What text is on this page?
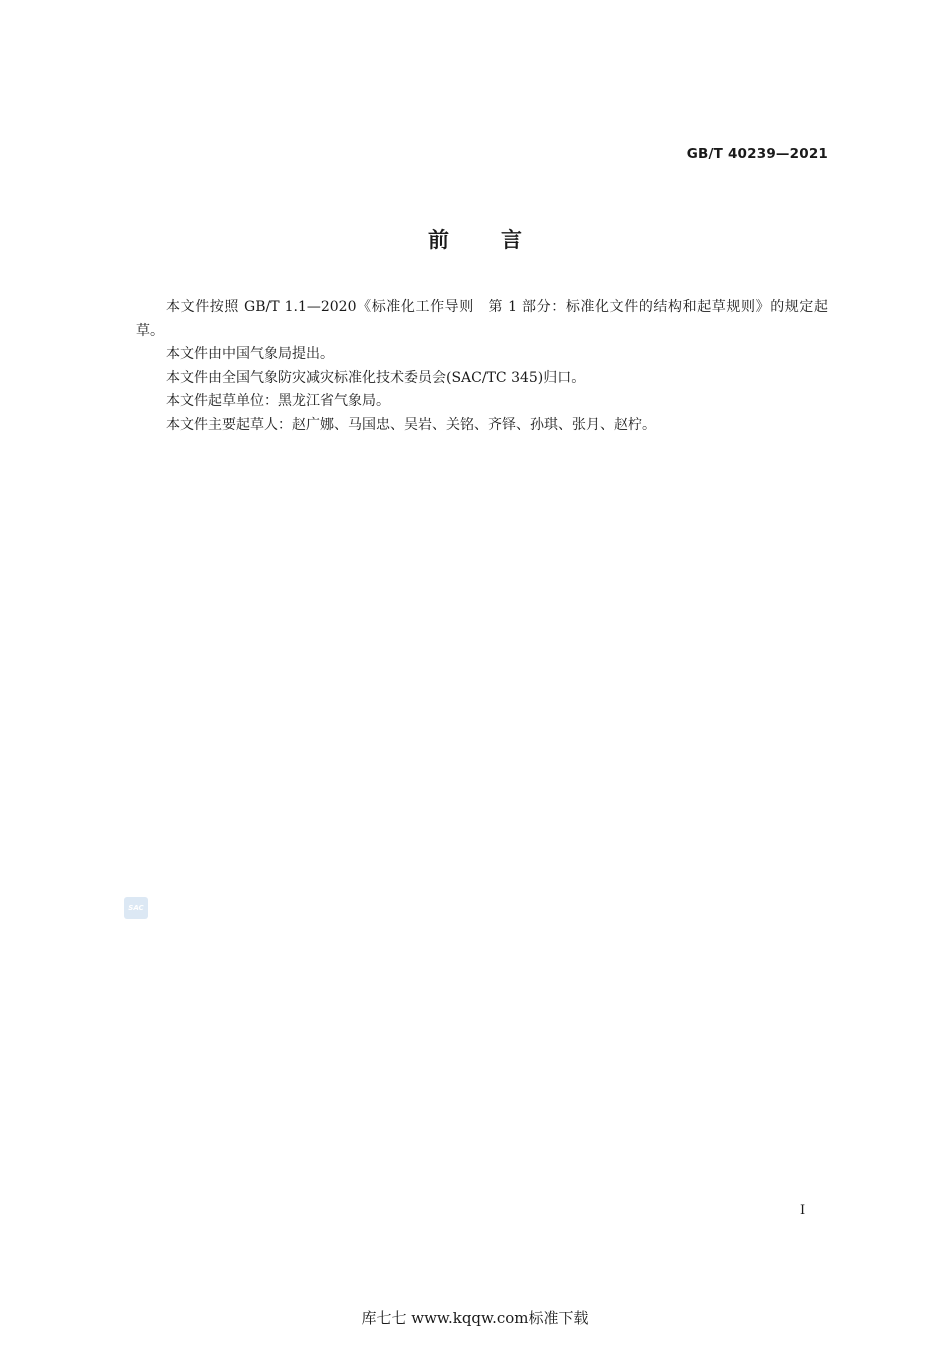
GB/T 40239—2021
前言

本文件按照 GB/T 1.1—2020《标准化工作导则　第 1 部分：标准化文件的结构和起草规则》的规定起草。

本文件由中国气象局提出。

本文件由全国气象防灾减灾标准化技术委员会(SAC/TC 345)归口。

本文件起草单位：黑龙江省气象局。

本文件主要起草人：赵广娜、马国忠、吴岩、关铭、齐铎、孙琪、张月、赵柠。

SAC
I
库七七 www.kqqw.com标准下载
